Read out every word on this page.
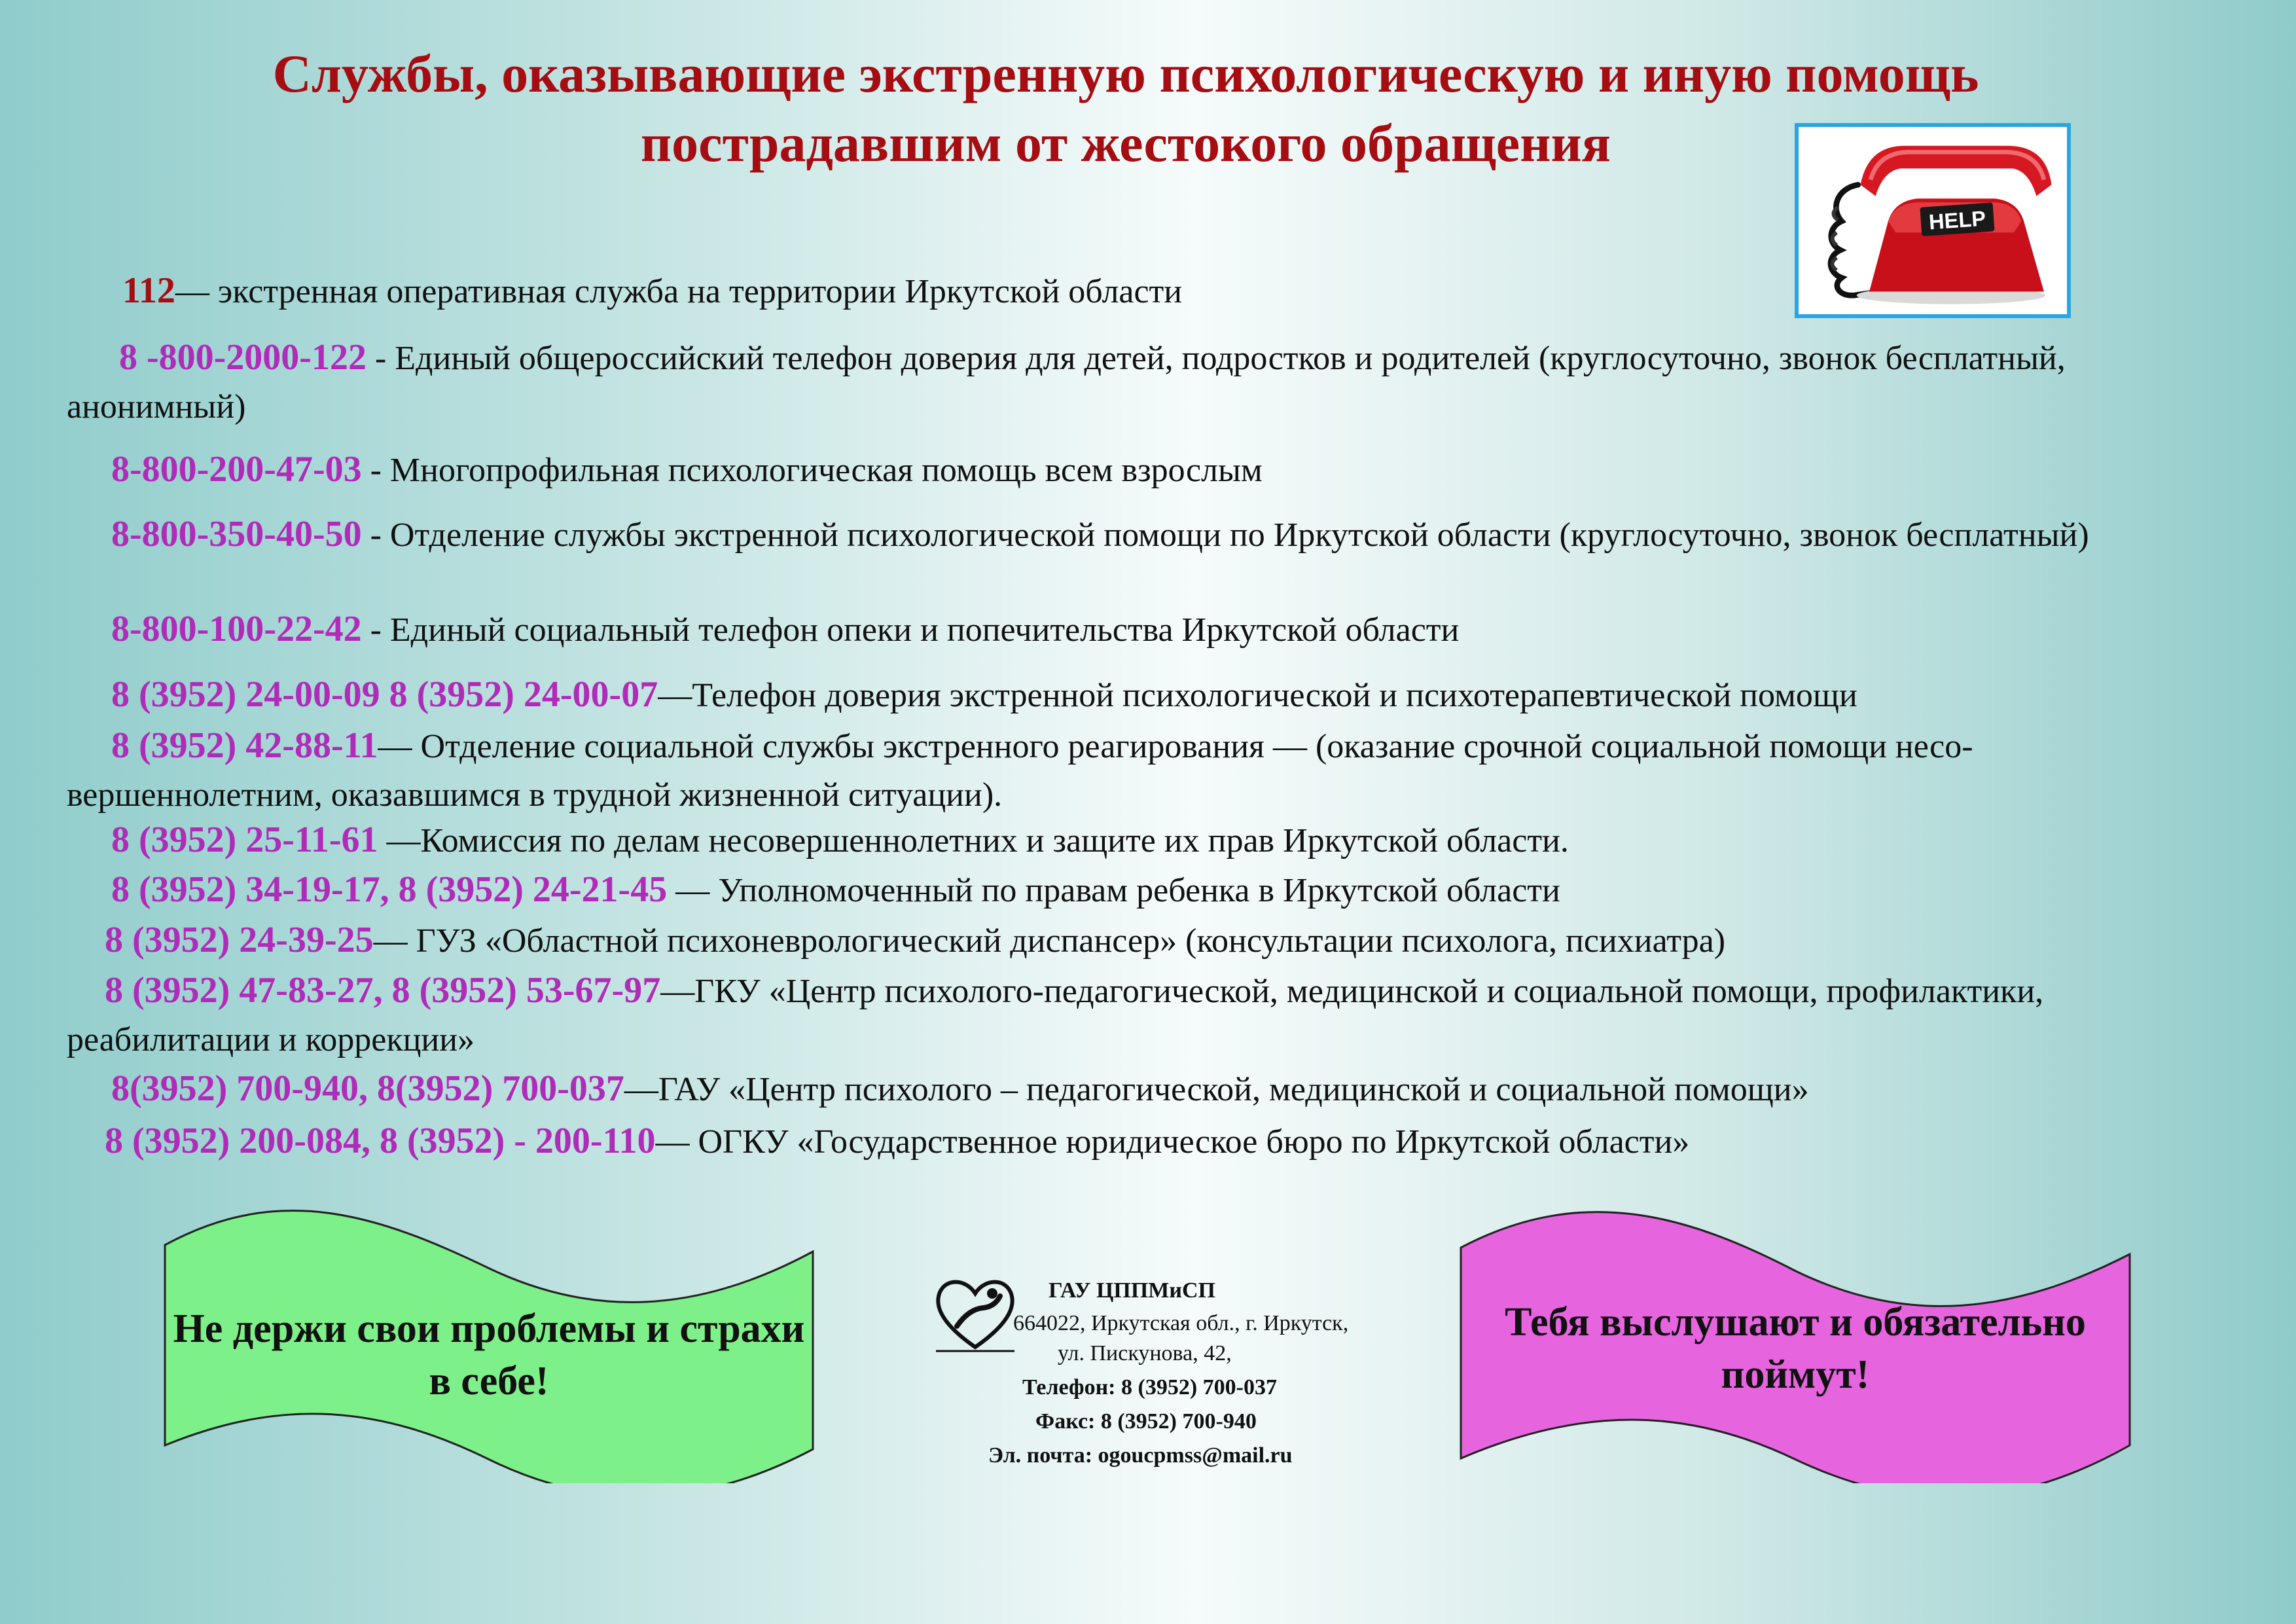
Службы, оказывающие экстренную психологическую и иную помощь
пострадавшим от жестокого обращения
HELP

112— экстренная оперативная служба на территории Иркутской области

8 -800-2000-122 - Единый общероссийский телефон доверия для детей, подростков и родителей (круглосуточно, звонок бесплатный, анонимный)

8-800-200-47-03 - Многопрофильная психологическая помощь всем взрослым

8-800-350-40-50 - Отделение службы экстренной психологической помощи по Иркутской области (круглосуточно, звонок бесплатный)

8-800-100-22-42 - Единый социальный телефон опеки и попечительства Иркутской области

8 (3952) 24-00-09 8 (3952) 24-00-07—Телефон доверия экстренной психологической и психотерапевтической помощи

8 (3952) 42-88-11— Отделение социальной службы экстренного реагирования — (оказание срочной социальной помощи несо-вершеннолетним, оказавшимся в трудной жизненной ситуации).

8 (3952) 25-11-61 —Комиссия по делам несовершеннолетних и защите их прав Иркутской области.

8 (3952) 34-19-17, 8 (3952) 24-21-45 — Уполномоченный по правам ребенка в Иркутской области

8 (3952) 24-39-25— ГУЗ «Областной психоневрологический диспансер» (консультации психолога, психиатра)

8 (3952) 47-83-27, 8 (3952) 53-67-97—ГКУ «Центр психолого-педагогической, медицинской и социальной помощи, профилактики, реабилитации и коррекции»

8(3952) 700-940, 8(3952) 700-037—ГАУ «Центр психолого – педагогической, медицинской и социальной помощи»

8 (3952) 200-084, 8 (3952) - 200-110— ОГКУ «Государственное юридическое бюро по Иркутской области»

Не держи свои проблемы и страхи в себе!
Тебя выслушают и обязательно поймут!
ГАУ ЦППМиСП
664022, Иркутская обл., г. Иркутск,
ул. Пискунова, 42,
Телефон: 8 (3952) 700-037
Факс: 8 (3952) 700-940
Эл. почта: ogoucpmss@mail.ru
